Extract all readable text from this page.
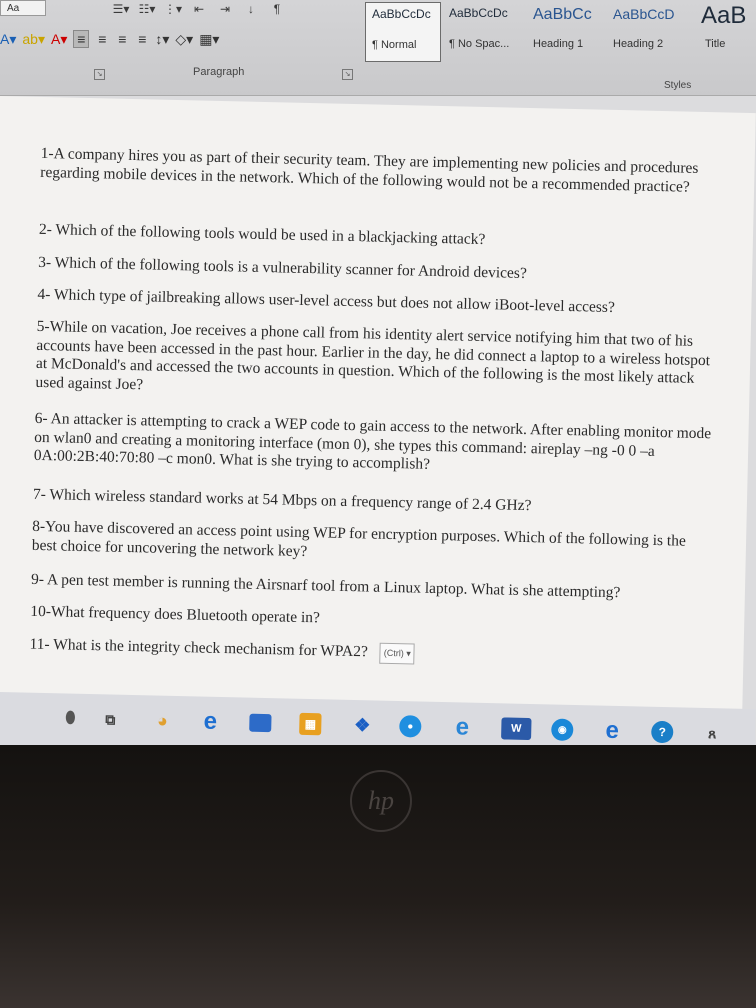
Aa	☰▾ ☷▾ ⋮▾ ⇤	⇥	↓	¶
A▾ ab▾ A▾ ≡ ≡ ≡ ≡ ↕▾ ◇▾ ▦▾
↘	Paragraph	↘
AaBbCcDc
¶ Normal
AaBbCcDc
¶ No Spac...
AaBbCc
Heading 1
AaBbCcD
Heading 2
AaB
Title
Styles
1-A company hires you as part of their security team. They are implementing new policies and procedures regarding mobile devices in the network. Which of the following would not be a recommended practice?
2- Which of the following tools would be used in a blackjacking attack?
3- Which of the following tools is a vulnerability scanner for Android devices?
4- Which type of jailbreaking allows user-level access but does not allow iBoot-level access?
5-While on vacation, Joe receives a phone call from his identity alert service notifying him that two of his accounts have been accessed in the past hour. Earlier in the day, he did connect a laptop to a wireless hotspot at McDonald's and accessed the two accounts in question. Which of the following is the most likely attack used against Joe?
6- An attacker is attempting to crack a WEP code to gain access to the network. After enabling monitor mode on wlan0 and creating a monitoring interface (mon 0), she types this command: aireplay –ng -0 0 –a 0A:00:2B:40:70:80 –c mon0. What is she trying to accomplish?
7- Which wireless standard works at 54 Mbps on a frequency range of 2.4 GHz?
8-You have discovered an access point using WEP for encryption purposes. Which of the following is the best choice for uncovering the network key?
9- A pen test member is running the Airsnarf tool from a Linux laptop. What is she attempting?
10-What frequency does Bluetooth operate in?
11- What is the integrity check mechanism for WPA2? (Ctrl) ▾
⬮	⧉	◕	e	▦	❖	●	e	W	◉ e	?	ጸ
hp
